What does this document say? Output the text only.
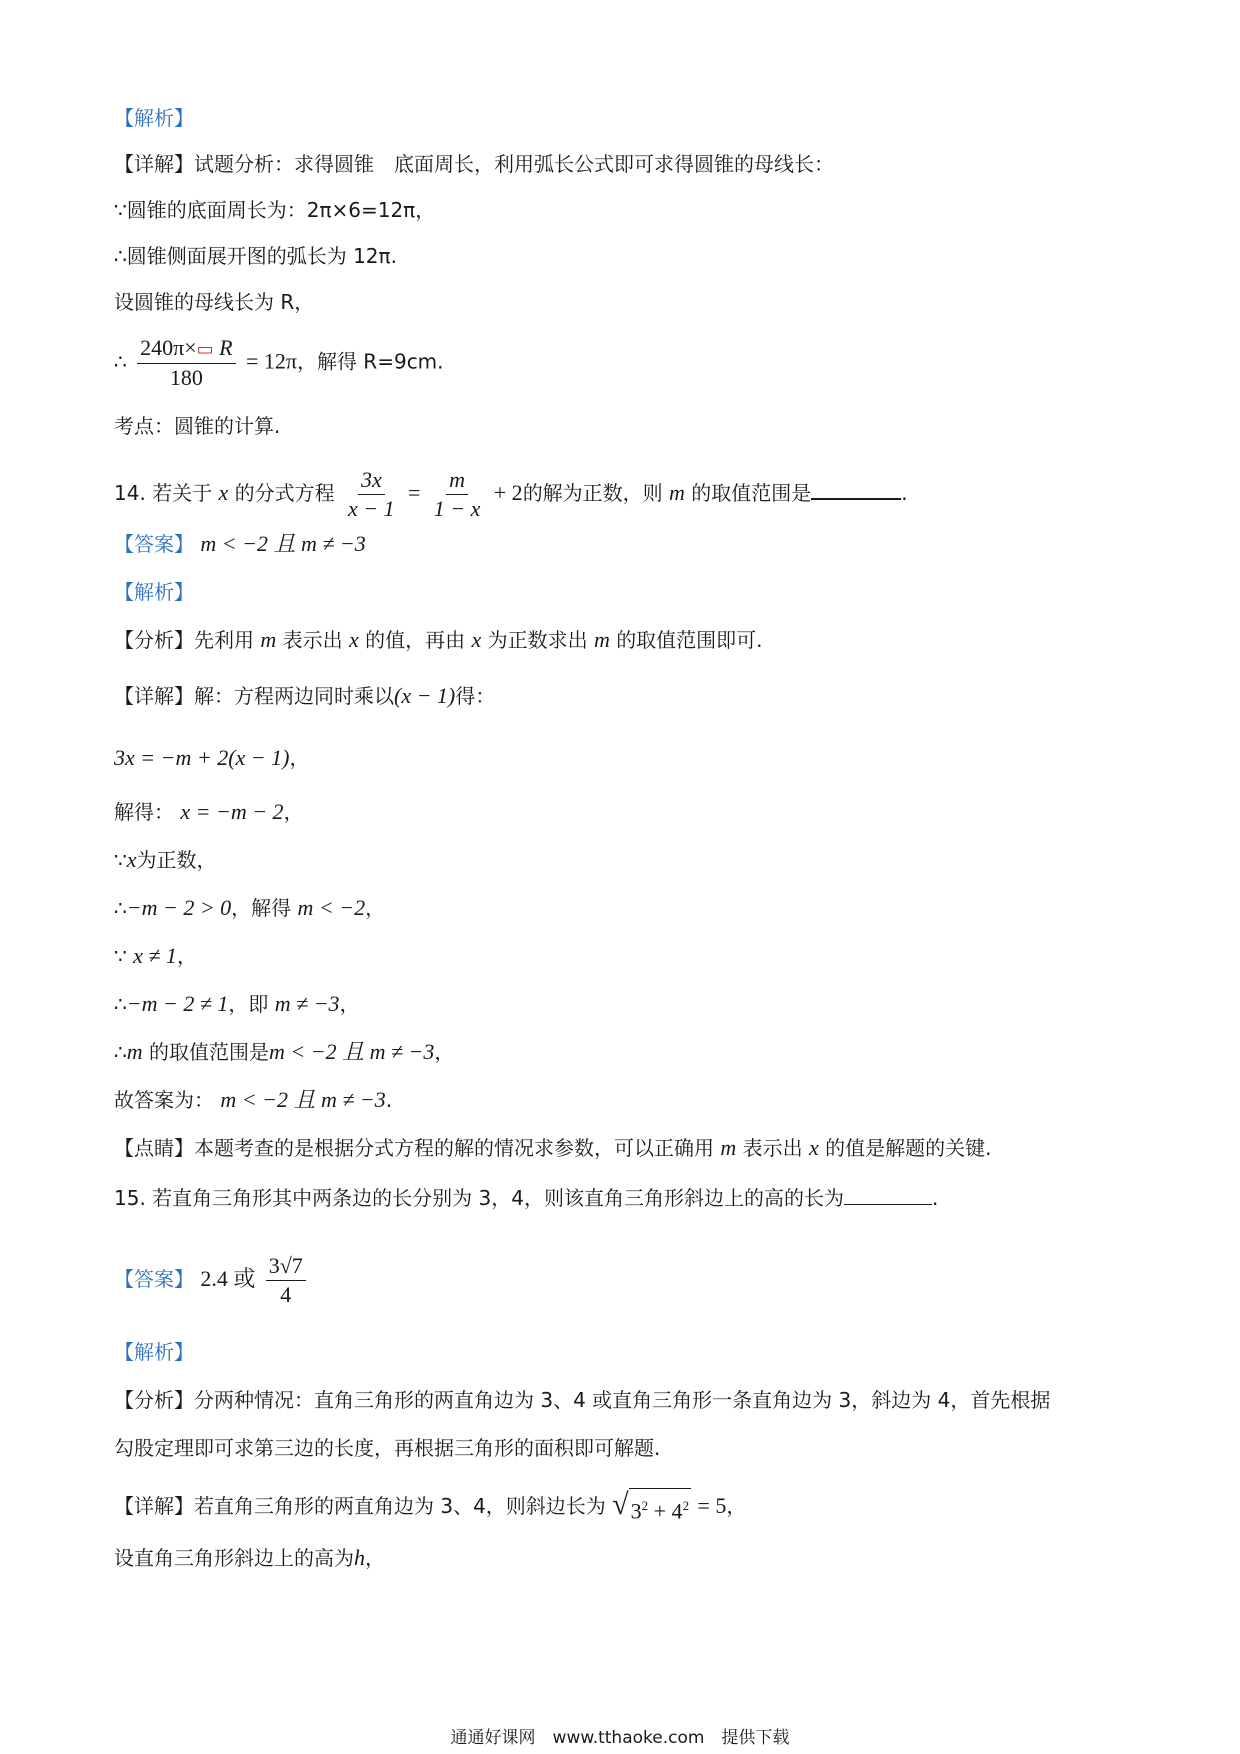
【解析】
【详解】试题分析：求得圆锥　底面周长，利用弧长公式即可求得圆锥的母线长：
∵圆锥的底面周长为：2π×6=12π，
∴圆锥侧面展开图的弧长为 12π.
设圆锥的母线长为 R，
∴ $\frac{240\pi\times▭ R}{180} = 12\pi$，解得 R=9cm.
考点：圆锥的计算.
14. 若关于 x 的分式方程 $\frac{3x}{x - 1} = \frac{m}{1 - x} + 2$的解为正数，则 m 的取值范围是	.
【答案】 m < −2 且 m ≠ −3
【解析】
【分析】先利用 m 表示出 x 的值，再由 x 为正数求出 m 的取值范围即可.
【详解】解：方程两边同时乘以(x − 1)得：
3x = −m + 2(x − 1)，
解得： x = −m − 2，
∵x为正数，
∴−m − 2 > 0，解得 m < −2，
∵ x ≠ 1，
∴−m − 2 ≠ 1，即 m ≠ −3，
∴m 的取值范围是m < −2 且 m ≠ −3，
故答案为： m < −2 且 m ≠ −3.
【点睛】本题考查的是根据分式方程的解的情况求参数，可以正确用 m 表示出 x 的值是解题的关键.
15. 若直角三角形其中两条边的长分别为 3，4，则该直角三角形斜边上的高的长为	.
【答案】 2.4 或 $\frac{3√7}{4}$
【解析】
【分析】分两种情况：直角三角形的两直角边为 3、4 或直角三角形一条直角边为 3，斜边为 4，首先根据
勾股定理即可求第三边的长度，再根据三角形的面积即可解题.
【详解】若直角三角形的两直角边为 3、4，则斜边长为 √ $3^2 + 4^2 = 5$，
设直角三角形斜边上的高为h，
通通好课网　www.tthaoke.com　提供下载
